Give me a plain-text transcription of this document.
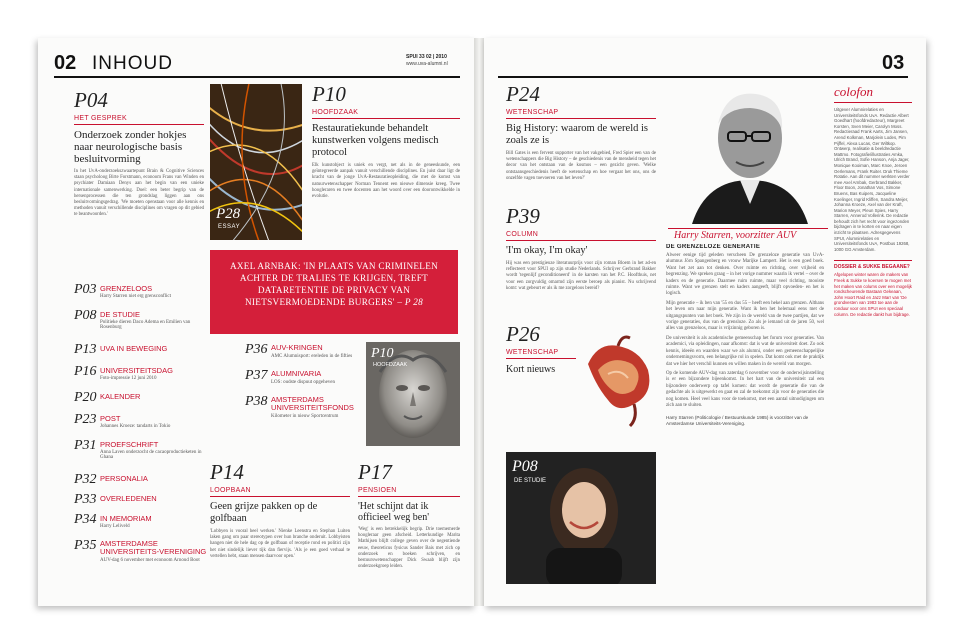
02 INHOUD	SPUI 33 02 | 2010
www.uva-alumni.nl
P04
HET GESPREK
Onderzoek zonder hokjes naar neurologische basis besluitvorming
In het UvA-onderzoekszwaartepunt Brain & Cognitive Sciences staan psycholoog Birte Forstmann, econoom Frans van Winden en psychiater Damiaan Denys aan het begin van een unieke internationale samenwerking. Doel: een beter begrip van de hersenprocessen die ten grondslag liggen aan ons besluitvormingsgedrag. 'We moeten openstaan voor alle kennis en methoden vanuit verschillende disciplines om vragen op dit gebied te beantwoorden.'	P28
ESSAY
P10
HOOFDZAAK
Restauratiekunde behandelt kunstwerken volgens medisch protocol
Elk kunstobject is uniek en vergt, net als in de geneeskunde, een geïntegreerde aanpak vanuit verschillende disciplines. En juist daar ligt de kracht van de jonge UvA-Restauratieopleiding, die met de komst van natuurwetenschapper Norman Tennent een nieuwe dimensie kreeg. Twee hoogleraren en twee docenten aan het woord over een doorontwikkelde in evolutie.
AXEL ARNBAK: 'IN PLAATS VAN CRIMINELEN ACHTER DE TRALIES TE KRIJGEN, TREFT DATARETENTIE DE PRIVACY VAN NIETSVERMOEDENDE BURGERS' – P 28
P03 GRENZELOOS
Harry Starren niet erg grensconflict
P08 DE STUDIE
Politieke dieren Daco Adema en Emilien van Rosenburg
P13 UVA IN BEWEGING
P16 UNIVERSITEITSDAG
Foto-impressie 12 juni 2010
P20 KALENDER
P23 POST
Johannes Kroeze: tandarts in Tokio
P31 PROEFSCHRIFT
Anna Laven onderzocht de cacaoproductieketen in Ghana
P32 PERSONALIA
P33 OVERLEDENEN
P34 IN MEMORIAM
Harry Leliveld
P35 AMSTERDAMSE UNIVERSITEITS-VERENIGING
AUV-dag 6 november met econoom Arnoud Boot
P36 AUV-KRINGEN
AMC Alumnisport: ereleden in de fifties
P37 ALUMNIVARIA
LOS: oudste dispuut opgeheven
P38 AMSTERDAMS UNIVERSITEITSFONDS
Kilometer in nieuw Sportcentrum
P10
HOOFDZAAK
P14
LOOPBAAN
Geen grijze pakken op de golfbaan
'Lobbyen is vooral heel werken.' Nienke Leenstra en Stephan Luiten laken gang om paar stereotypen over hun branche onderuit. Lobbyisten hangen niet de hele dag op de golfbaan of receptie rond en politici zijn het niet sindelijk liever tijk dan fiervijs. 'Als je een goed verhaal te vertellen hebt, staan mensen daarvoor open.'
P17
PENSIOEN
'Het schijnt dat ik officieel weg ben'
'Weg' is een betrekkelijk begrip. Drie toememerde hoogleraar geen afscheid. Letterkundige Marita Mathijsen blijft college geven over de negentiende eeuw, theoreticus fysicus Sander Bais met zich op onderzoek en boeken schrijven, en bestuurswetenschapper Dick Swaab blijft zijn onderzoekgroep leiden.
03
P24
WETENSCHAP
Big History: waarom de wereld is zoals ze is
Bill Gates is een fervent supporter van het vakgebied, Fred Spier een van de wetenschappers die Big History – de geschiedenis van de mensheid tegen het decor van het ontstaan van de kosmos – een gezicht geven. 'Welke ontstaansgeschiedenis heeft de wetenschap en hoe vergaat het ons, ons de onzelfde vagen toevoeren van het leven?'
P39
COLUMN
'I'm okay, I'm okay'
Hij was een prestigieuze literatuurprijs voor zijn roman Bloem in het ad-en reflecteert voor SPUI op zijn studie Nederlands. Schrijver Gerbrand Bakker wordt 'tegenlijf geconditioneerd' in de karsten van het P.C. Hoofthuis, net voor een zorgvuldig omarmd zijn eerste beroep als pianist. Nu schrijvend komt: wat gebeurt er als ik me zorgeloos bereid?
P26
WETENSCHAP
Kort nieuws
P08
DE STUDIE
Harry Starren, voorzitter AUV
DE GRENZELOZE GENERATIE
Alweer eenige tijd geleden verscheen De grenzeloze generatie van UvA-alumnus Jörn Spangenberg en vrouw Marijke Lampert. Het is een goed boek. Want het zet aan tot denken. Over ruimte en richting, over vrijheid en begrenzing. We spreken graag – in het vorige nummer waarin ik vertel – over de kaders en de generatie. Daarmee ruim ruimte, maar veel richting, mooiste ruimte. Want we grenzen stelt en kaders aangeeft, blijft opvoeden- en het is logisch.
Mijn generatie – ik ben van '55 en dus 55 – heeft een hekel aan grenzen. Althans het leven om naar mijn generatie. Want ik ben het helemaal eens met de uitgangspunten van het boek. We zijn in de wereld van de twee partijen, dat we vorige generaties, dus van de grensloze. Zo als je iemand uit de jaren 50, wel alles van grenzeloos, maar is vrijzinnig geboren is.
De universiteit is als academische gemeenschap het forum voor generaties. Van academici, via opleidingen, naar afkomst: dat is wat de universiteit doet. Zo ook kennis, ideeën en waarden waar we als alumni, onder een gemeenschappelijke ondernemingsvorm, een belangrijke rol in spelen. Dat komt ook met de praktijk dat we hier het verschil kunnen en willen maken in de wereld van morgen.
Op de komende AUV-dag van zaterdag 6 november voor de onderwijsinstelling is er een bijzondere bijeenkomst. In het hart van de universiteit zal een bijzondere onderwerp op tafel komen: dat wordt de generatie die van de gedachte als is uitgewerkt en gaat en zal de toekomst zijn voor de generaties die nog komen. Heel veel kans voor de toekomst, met een aantal uitnodigingen om zich aan te sluiten.
Harry Starren (Politicologie / Bestuurskunde 1985) is voorzitter van de Amsterdamse Universiteits-Vereniging.
colofon
Uitgever Alumnirelaties en Universiteitsfonds UvA. Redactie Albert Goedhart (hoofdredacteur), Margreet Korsten, Sven Meier, Carolyn Moss. Redactieraad Frank Aarts, Jim Jansen, Arend Kolkman, Marjolein Lodes, Pim Pijffel, Alexa Lucas, Ger Wiltkop. Ontwerp, realisatie & beeldredactie Mattmo. Fotografie/illustraties Amka, Ulrich Brand, Sofie Hanson, Anja Jager, Monique Kooiman, Marc Knoe, Jeroen Oerlemans, Frank Ruiter. Druk Thieme Rotatie. Aan dit nummer werkten verder mee Axel Arnbak, Gerbrand Bakker, Floor Boon, Jonathan Vos, Simone Bruens, Bas Kuipers, Jacqueline Koelinger, Ingrid Kliffen, Sandra Meijer, Johanna Kroeze, Axel van der Kraft, Marion Meyer, Pleun Spies, Harry Starren, Annerod Vollerink. De redactie behoudt zich het recht voor ingezonden bijdragen in te korten en naar eigen inzicht te plaatsen. Adresgegevens SPUI, Alumnirelaties en Universiteitsfonds UvA, Postbus 19268, 1000 GG Amsterdam.
DOSSIER & SUKKE BEGAANE?
Afgelopen winter waren de makers van Freek & Sukke te koersen te mogen met het maken van colums over een mogelijk rondscheurende Bastaan Gekeaan, John Hoort Raid en Jazz Marr van 'De grondvesten van 1983 toe aan de ronduur voor ons SPUI een speciaal column. De redactie dankt hun bijdrage.
